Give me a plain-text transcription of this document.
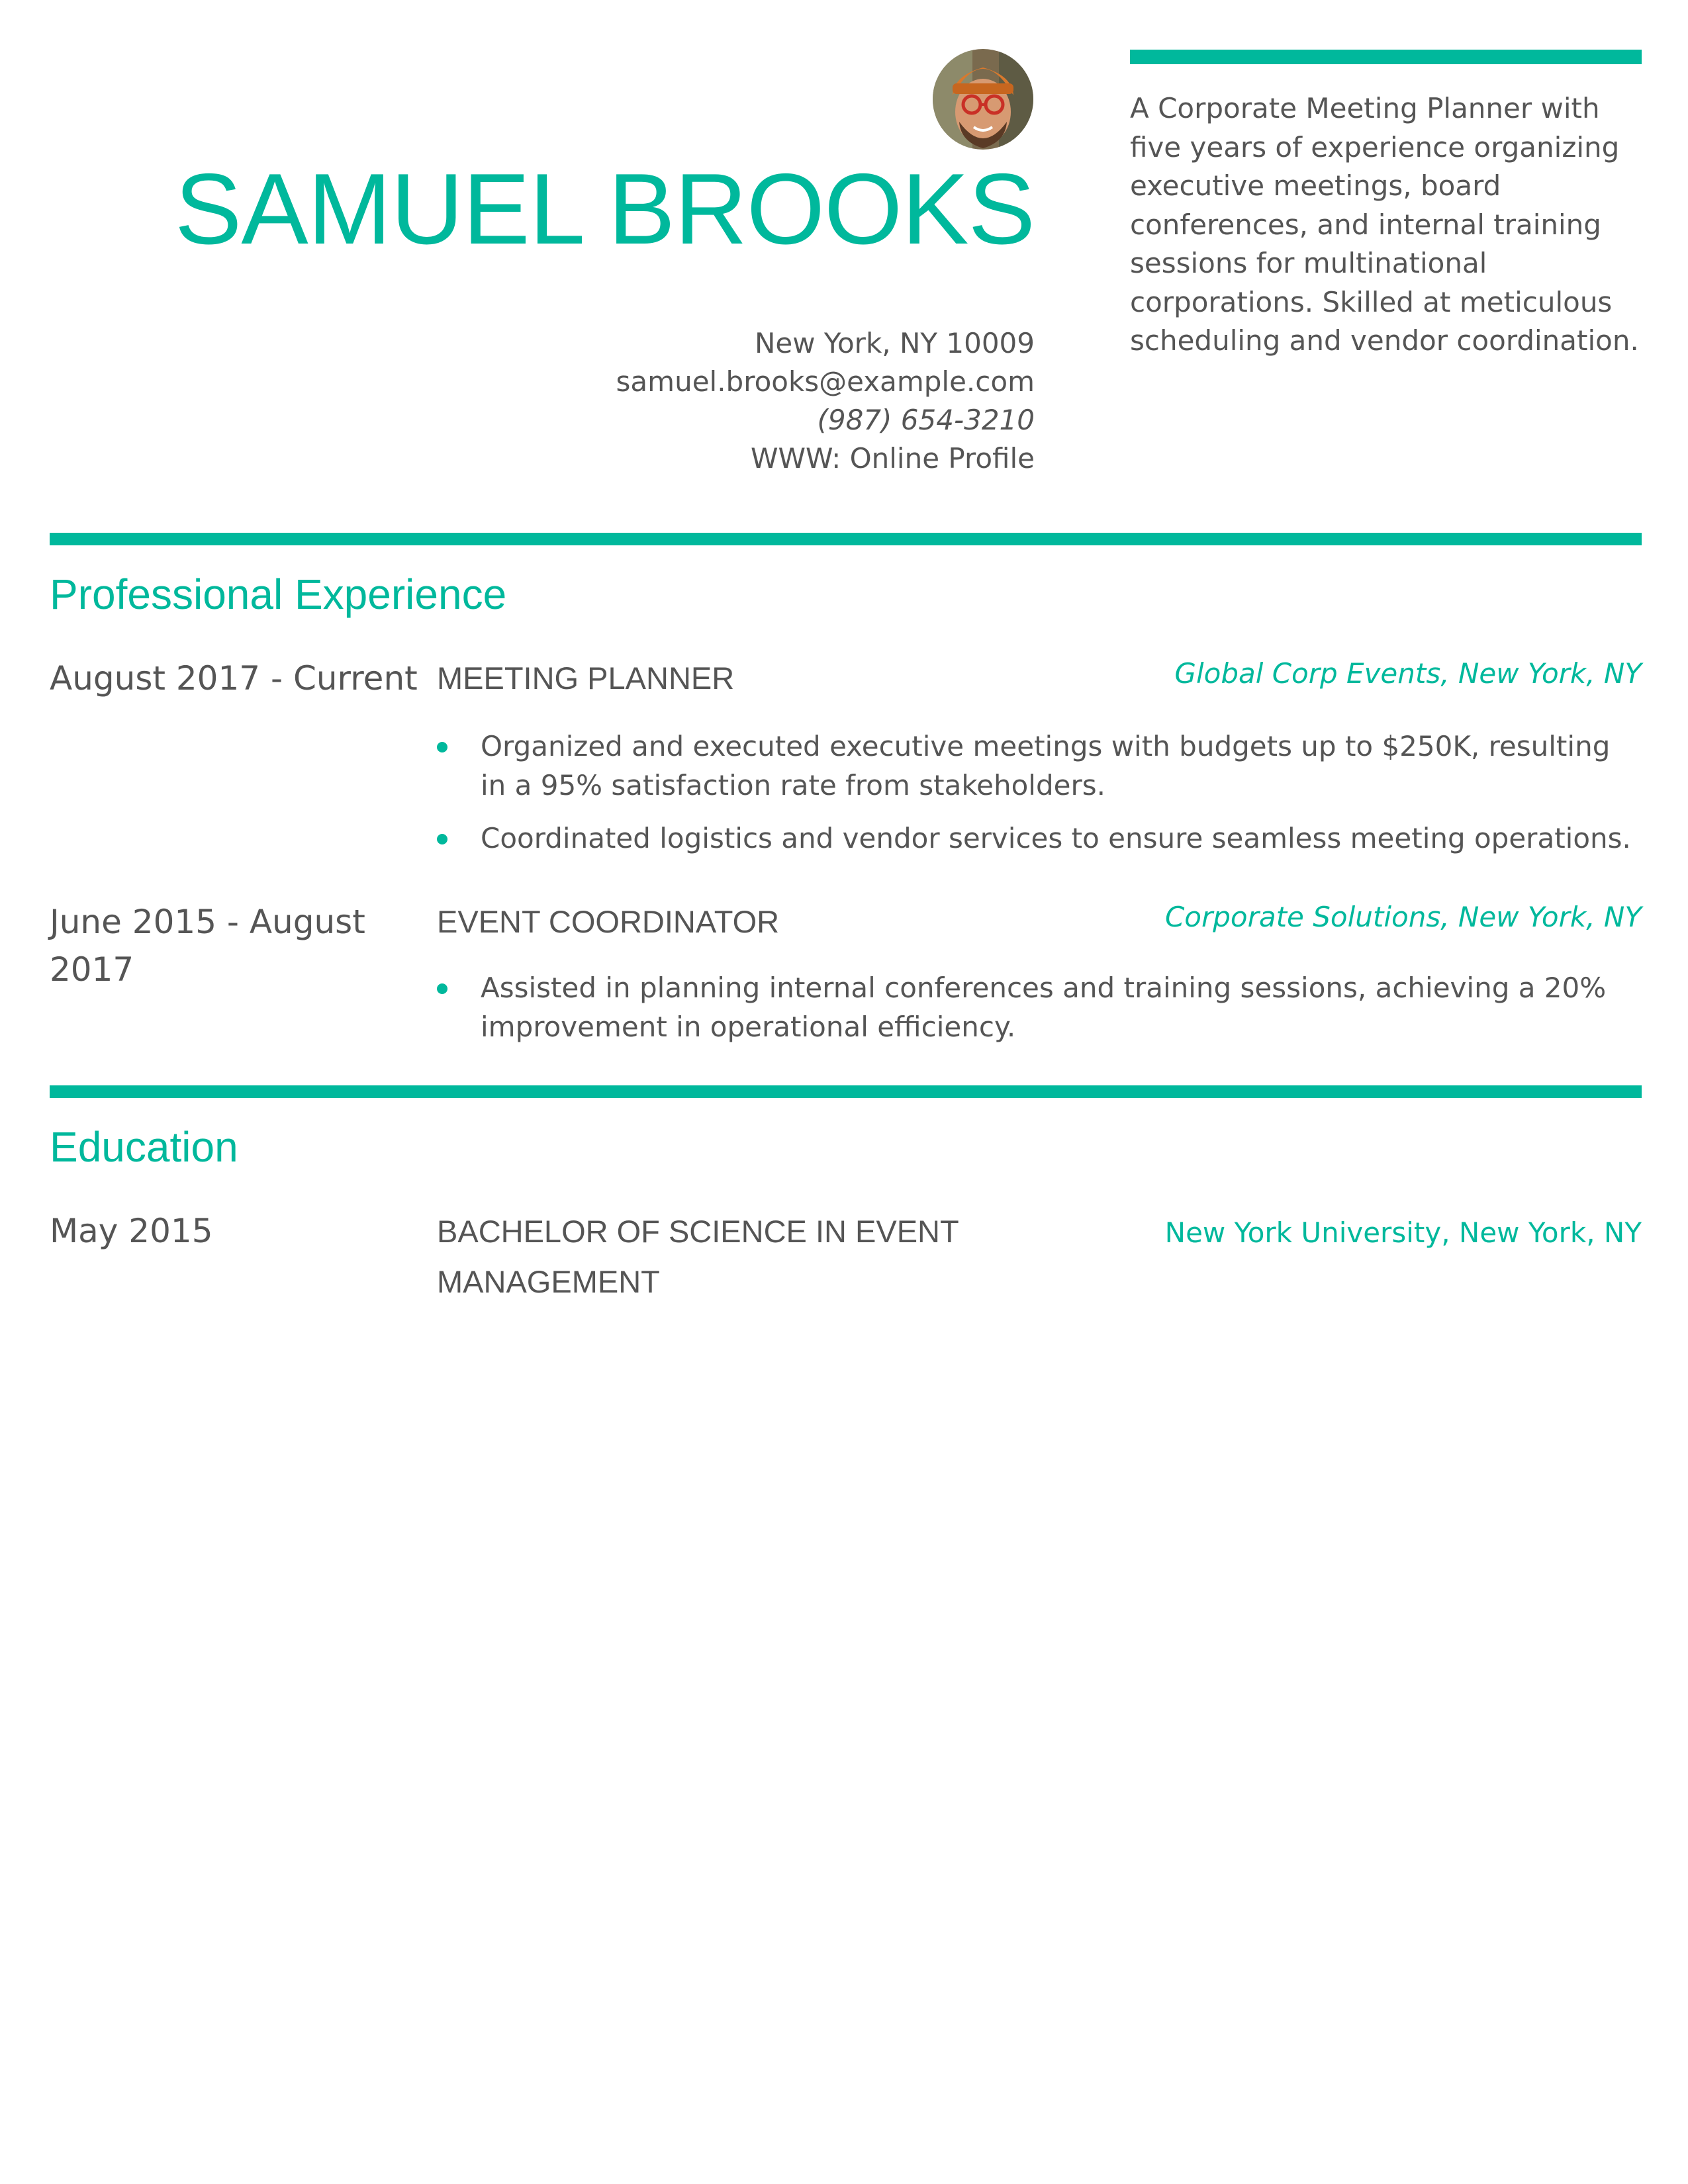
SAMUEL BROOKS
New York, NY 10009
samuel.brooks@example.com
(987) 654-3210
WWW: Online Profile
A Corporate Meeting Planner with five years of experience organizing executive meetings, board conferences, and internal training sessions for multinational corporations. Skilled at meticulous scheduling and vendor coordination.
Professional Experience
August 2017 - Current MEETING PLANNER	Global Corp Events, New York, NY
Organized and executed executive meetings with budgets up to $250K, resulting in a 95% satisfaction rate from stakeholders.
Coordinated logistics and vendor services to ensure seamless meeting operations.
June 2015 - August 2017
EVENT COORDINATOR	Corporate Solutions, New York, NY
Assisted in planning internal conferences and training sessions, achieving a 20% improvement in operational efficiency.
Education
May 2015	BACHELOR OF SCIENCE IN EVENT MANAGEMENT
New York University, New York, NY
